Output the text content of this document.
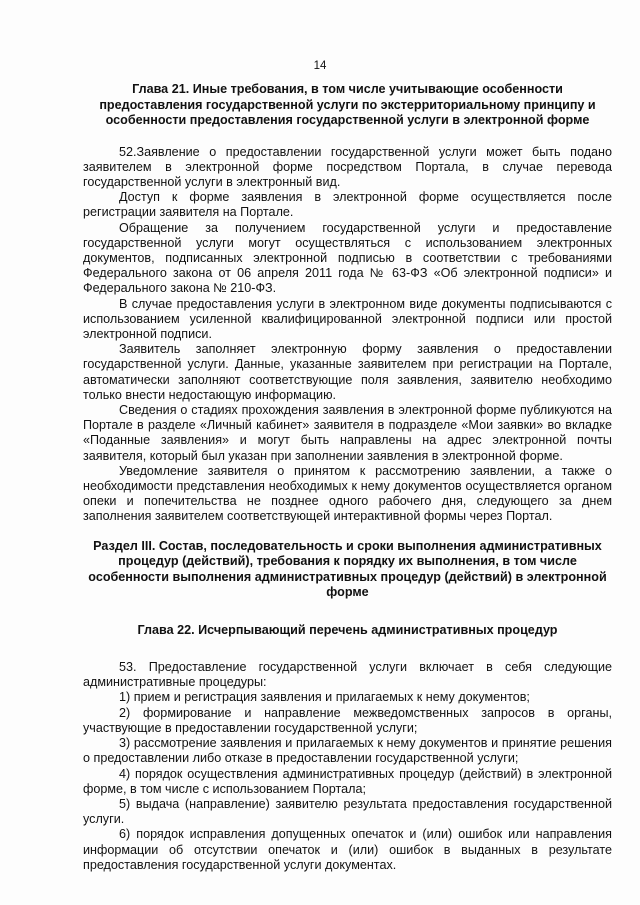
14
Глава 21. Иные требования, в том числе учитывающие особенности предоставления государственной услуги по экстерриториальному принципу и особенности предоставления государственной услуги в электронной форме

52.Заявление о предоставлении государственной услуги может быть подано заявителем в электронной форме посредством Портала, в случае перевода государственной услуги в электронный вид.

Доступ к форме заявления в электронной форме осуществляется после регистрации заявителя на Портале.

Обращение за получением государственной услуги и предоставление государственной услуги могут осуществляться с использованием электронных документов, подписанных электронной подписью в соответствии с требованиями Федерального закона от 06 апреля 2011 года № 63-ФЗ «Об электронной подписи» и Федерального закона № 210-ФЗ.

В случае предоставления услуги в электронном виде документы подписываются с использованием усиленной квалифицированной электронной подписи или простой электронной подписи.

Заявитель заполняет электронную форму заявления о предоставлении государственной услуги. Данные, указанные заявителем при регистрации на Портале, автоматически заполняют соответствующие поля заявления, заявителю необходимо только внести недостающую информацию.

Сведения о стадиях прохождения заявления в электронной форме публикуются на Портале в разделе «Личный кабинет» заявителя в подразделе «Мои заявки» во вкладке «Поданные заявления» и могут быть направлены на адрес электронной почты заявителя, который был указан при заполнении заявления в электронной форме.

Уведомление заявителя о принятом к рассмотрению заявлении, а также о необходимости представления необходимых к нему документов осуществляется органом опеки и попечительства не позднее одного рабочего дня, следующего за днем заполнения заявителем соответствующей интерактивной формы через Портал.

Раздел III. Состав, последовательность и сроки выполнения административных процедур (действий), требования к порядку их выполнения, в том числе особенности выполнения административных процедур (действий) в электронной форме
Глава 22. Исчерпывающий перечень административных процедур

53. Предоставление государственной услуги включает в себя следующие административные процедуры:

1) прием и регистрация заявления и прилагаемых к нему документов;

2) формирование и направление межведомственных запросов в органы, участвующие в предоставлении государственной услуги;

3) рассмотрение заявления и прилагаемых к нему документов и принятие решения о предоставлении либо отказе в предоставлении государственной услуги;

4) порядок осуществления административных процедур (действий) в электронной форме, в том числе с использованием Портала;

5) выдача (направление) заявителю результата предоставления государственной услуги.

6) порядок исправления допущенных опечаток и (или) ошибок или направления информации об отсутствии опечаток и (или) ошибок в выданных в результате предоставления государственной услуги документах.
